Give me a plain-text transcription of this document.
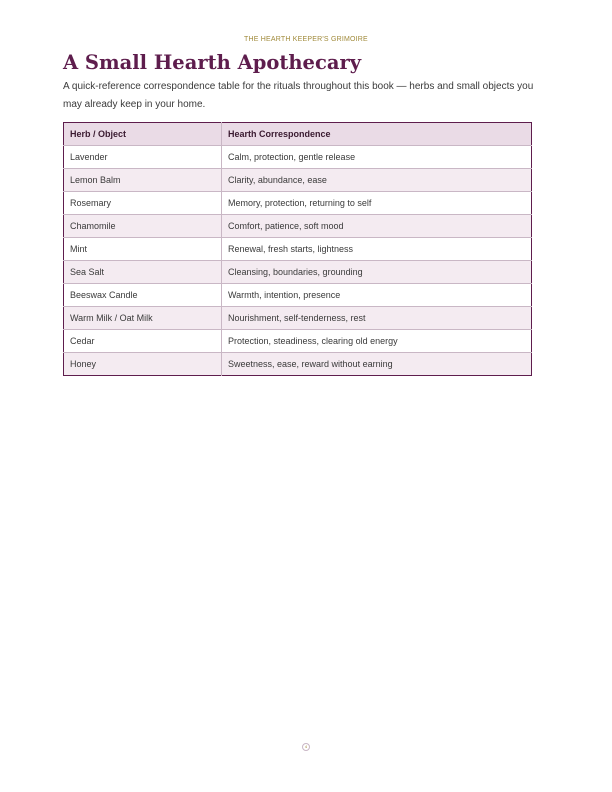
THE HEARTH KEEPER'S GRIMOIRE
A Small Hearth Apothecary

A quick-reference correspondence table for the rituals throughout this book — herbs and small objects you may already keep in your home.

Herb / Object	Hearth Correspondence
Lavender	Calm, protection, gentle release
Lemon Balm	Clarity, abundance, ease
Rosemary	Memory, protection, returning to self
Chamomile	Comfort, patience, soft mood
Mint	Renewal, fresh starts, lightness
Sea Salt	Cleansing, boundaries, grounding
Beeswax Candle	Warmth, intention, presence
Warm Milk / Oat Milk	Nourishment, self-tenderness, rest
Cedar	Protection, steadiness, clearing old energy
Honey	Sweetness, ease, reward without earning
4
